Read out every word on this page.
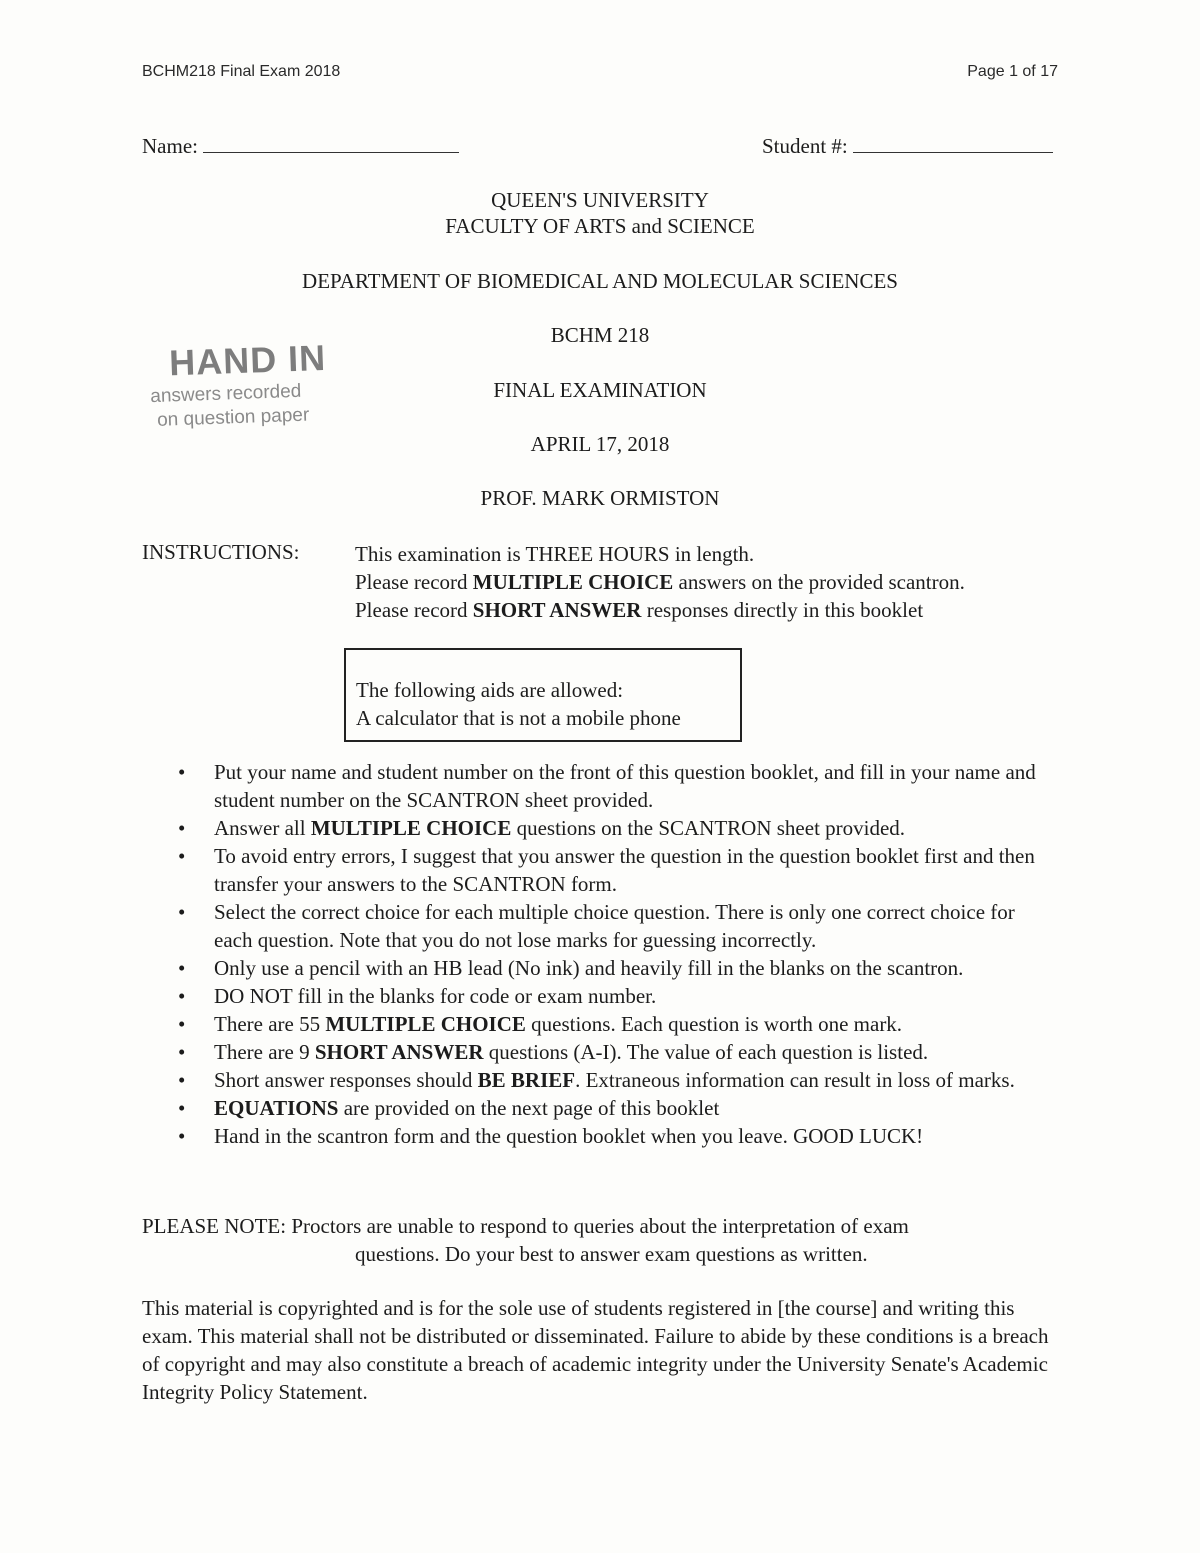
BCHM218 Final Exam 2018	Page 1 of 17
Name:	Student #:
QUEEN'S UNIVERSITY
FACULTY OF ARTS and SCIENCE
DEPARTMENT OF BIOMEDICAL AND MOLECULAR SCIENCES
BCHM 218
FINAL EXAMINATION
APRIL 17, 2018
PROF. MARK ORMISTON
HAND IN
answers recorded
on question paper
INSTRUCTIONS:	This examination is THREE HOURS in length.
Please record MULTIPLE CHOICE answers on the provided scantron.
Please record SHORT ANSWER responses directly in this booklet
The following aids are allowed:
A calculator that is not a mobile phone
• Put your name and student number on the front of this question booklet, and fill in your name and student number on the SCANTRON sheet provided.
• Answer all MULTIPLE CHOICE questions on the SCANTRON sheet provided.
• To avoid entry errors, I suggest that you answer the question in the question booklet first and then transfer your answers to the SCANTRON form.
• Select the correct choice for each multiple choice question. There is only one correct choice for each question. Note that you do not lose marks for guessing incorrectly.
• Only use a pencil with an HB lead (No ink) and heavily fill in the blanks on the scantron.
• DO NOT fill in the blanks for code or exam number.
• There are 55 MULTIPLE CHOICE questions. Each question is worth one mark.
• There are 9 SHORT ANSWER questions (A-I). The value of each question is listed.
• Short answer responses should BE BRIEF. Extraneous information can result in loss of marks.
• EQUATIONS are provided on the next page of this booklet
• Hand in the scantron form and the question booklet when you leave. GOOD LUCK!
PLEASE NOTE: Proctors are unable to respond to queries about the interpretation of exam
questions. Do your best to answer exam questions as written.
This material is copyrighted and is for the sole use of students registered in [the course] and writing this exam. This material shall not be distributed or disseminated. Failure to abide by these conditions is a breach of copyright and may also constitute a breach of academic integrity under the University Senate's Academic Integrity Policy Statement.
